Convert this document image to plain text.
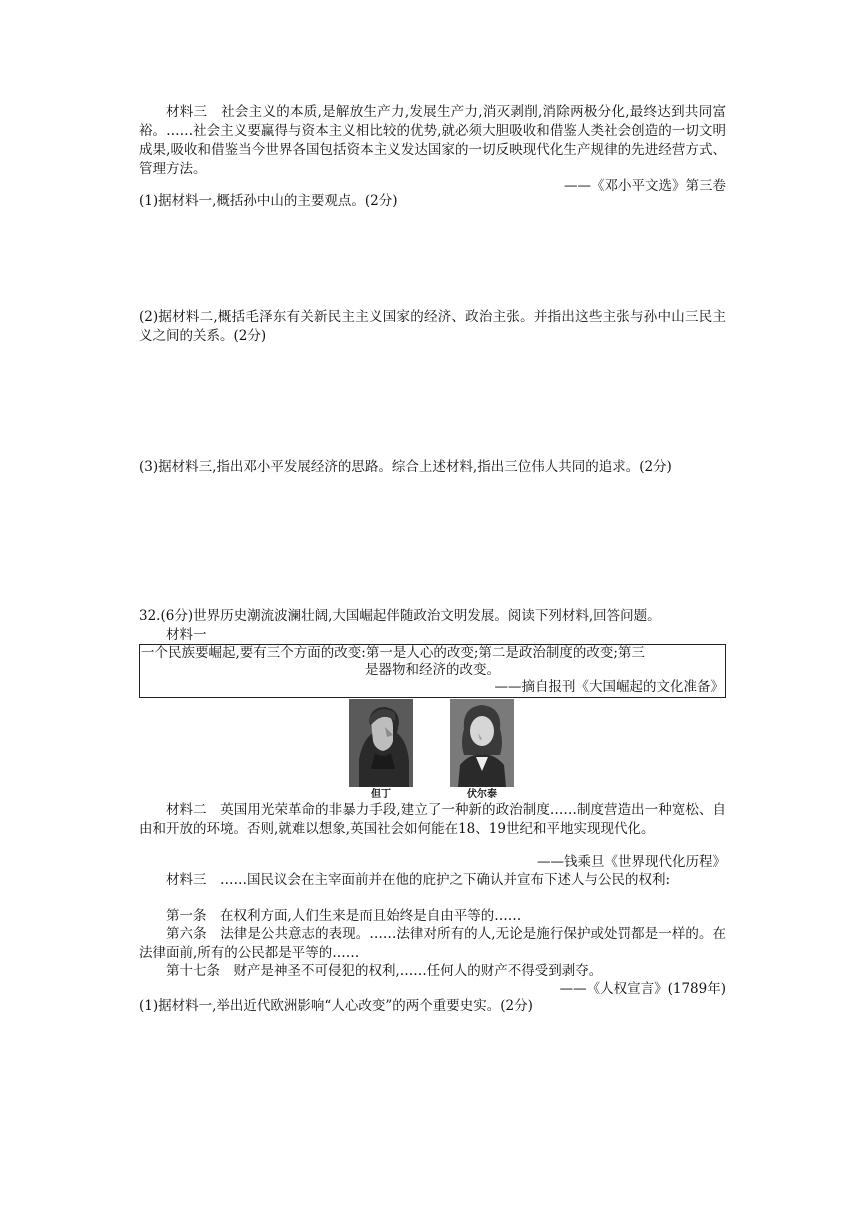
材料三　社会主义的本质,是解放生产力,发展生产力,消灭剥削,消除两极分化,最终达到共同富裕。……社会主义要赢得与资本主义相比较的优势,就必须大胆吸收和借鉴人类社会创造的一切文明成果,吸收和借鉴当今世界各国包括资本主义发达国家的一切反映现代化生产规律的先进经营方式、管理方法。

——《邓小平文选》第三卷

(1)据材料一,概括孙中山的主要观点。(2分)

(2)据材料二,概括毛泽东有关新民主主义国家的经济、政治主张。并指出这些主张与孙中山三民主义之间的关系。(2分)

(3)据材料三,指出邓小平发展经济的思路。综合上述材料,指出三位伟人共同的追求。(2分)

32.(6分)世界历史潮流波澜壮阔,大国崛起伴随政治文明发展。阅读下列材料,回答问题。

材料一

一个民族要崛起,要有三个方面的改变:第一是人心的改变;第二是政治制度的改变;第三
是器物和经济的改变。
——摘自报刊《大国崛起的文化准备》
但丁	伏尔泰

材料二　英国用光荣革命的非暴力手段,建立了一种新的政治制度……制度营造出一种宽松、自由和开放的环境。否则,就难以想象,英国社会如何能在18、19世纪和平地实现现代化。

——钱乘旦《世界现代化历程》

材料三　……国民议会在主宰面前并在他的庇护之下确认并宣布下述人与公民的权利:

第一条　在权利方面,人们生来是而且始终是自由平等的……

第六条　法律是公共意志的表现。……法律对所有的人,无论是施行保护或处罚都是一样的。在法律面前,所有的公民都是平等的……

第十七条　财产是神圣不可侵犯的权利,……任何人的财产不得受到剥夺。

——《人权宣言》(1789年)

(1)据材料一,举出近代欧洲影响“人心改变”的两个重要史实。(2分)
